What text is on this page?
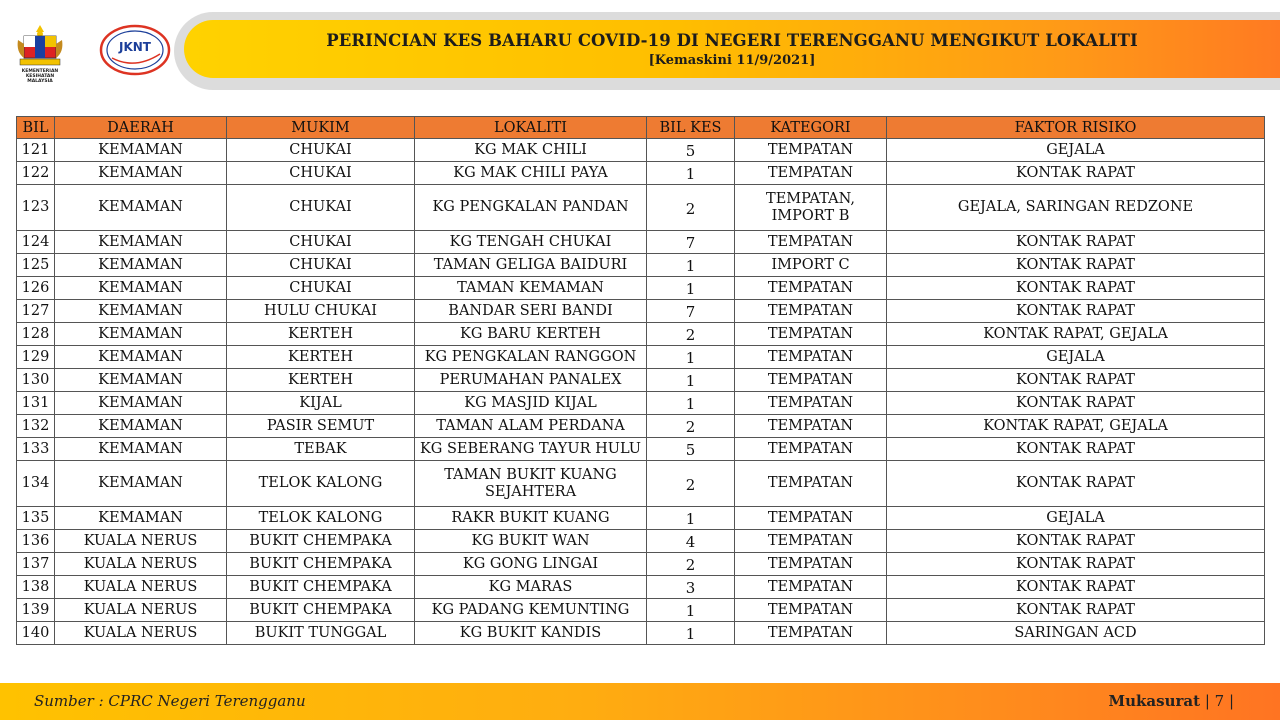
KEMENTERIAN KESIHATAN MALAYSIA
JKNT	PERINCIAN KES BAHARU COVID-19 DI NEGERI TERENGGANU MENGIKUT LOKALITI
[Kemaskini 11/9/2021]
BIL	DAERAH	MUKIM	LOKALITI	BIL KES	KATEGORI	FAKTOR RISIKO
121	KEMAMAN	CHUKAI	KG MAK CHILI	5	TEMPATAN	GEJALA
122	KEMAMAN	CHUKAI	KG MAK CHILI PAYA	1	TEMPATAN	KONTAK RAPAT
123	KEMAMAN	CHUKAI	KG PENGKALAN PANDAN	2	TEMPATAN, IMPORT B	GEJALA, SARINGAN REDZONE
124	KEMAMAN	CHUKAI	KG TENGAH CHUKAI	7	TEMPATAN	KONTAK RAPAT
125	KEMAMAN	CHUKAI	TAMAN GELIGA BAIDURI	1	IMPORT C	KONTAK RAPAT
126	KEMAMAN	CHUKAI	TAMAN KEMAMAN	1	TEMPATAN	KONTAK RAPAT
127	KEMAMAN	HULU CHUKAI	BANDAR SERI BANDI	7	TEMPATAN	KONTAK RAPAT
128	KEMAMAN	KERTEH	KG BARU KERTEH	2	TEMPATAN	KONTAK RAPAT, GEJALA
129	KEMAMAN	KERTEH	KG PENGKALAN RANGGON	1	TEMPATAN	GEJALA
130	KEMAMAN	KERTEH	PERUMAHAN PANALEX	1	TEMPATAN	KONTAK RAPAT
131	KEMAMAN	KIJAL	KG MASJID KIJAL	1	TEMPATAN	KONTAK RAPAT
132	KEMAMAN	PASIR SEMUT	TAMAN ALAM PERDANA	2	TEMPATAN	KONTAK RAPAT, GEJALA
133	KEMAMAN	TEBAK	KG SEBERANG TAYUR HULU	5	TEMPATAN	KONTAK RAPAT
134	KEMAMAN	TELOK KALONG	TAMAN BUKIT KUANG SEJAHTERA	2	TEMPATAN	KONTAK RAPAT
135	KEMAMAN	TELOK KALONG	RAKR BUKIT KUANG	1	TEMPATAN	GEJALA
136	KUALA NERUS	BUKIT CHEMPAKA	KG BUKIT WAN	4	TEMPATAN	KONTAK RAPAT
137	KUALA NERUS	BUKIT CHEMPAKA	KG GONG LINGAI	2	TEMPATAN	KONTAK RAPAT
138	KUALA NERUS	BUKIT CHEMPAKA	KG MARAS	3	TEMPATAN	KONTAK RAPAT
139	KUALA NERUS	BUKIT CHEMPAKA	KG PADANG KEMUNTING	1	TEMPATAN	KONTAK RAPAT
140	KUALA NERUS	BUKIT TUNGGAL	KG BUKIT KANDIS	1	TEMPATAN	SARINGAN ACD
Sumber : CPRC Negeri Terengganu	Mukasurat | 7 |
